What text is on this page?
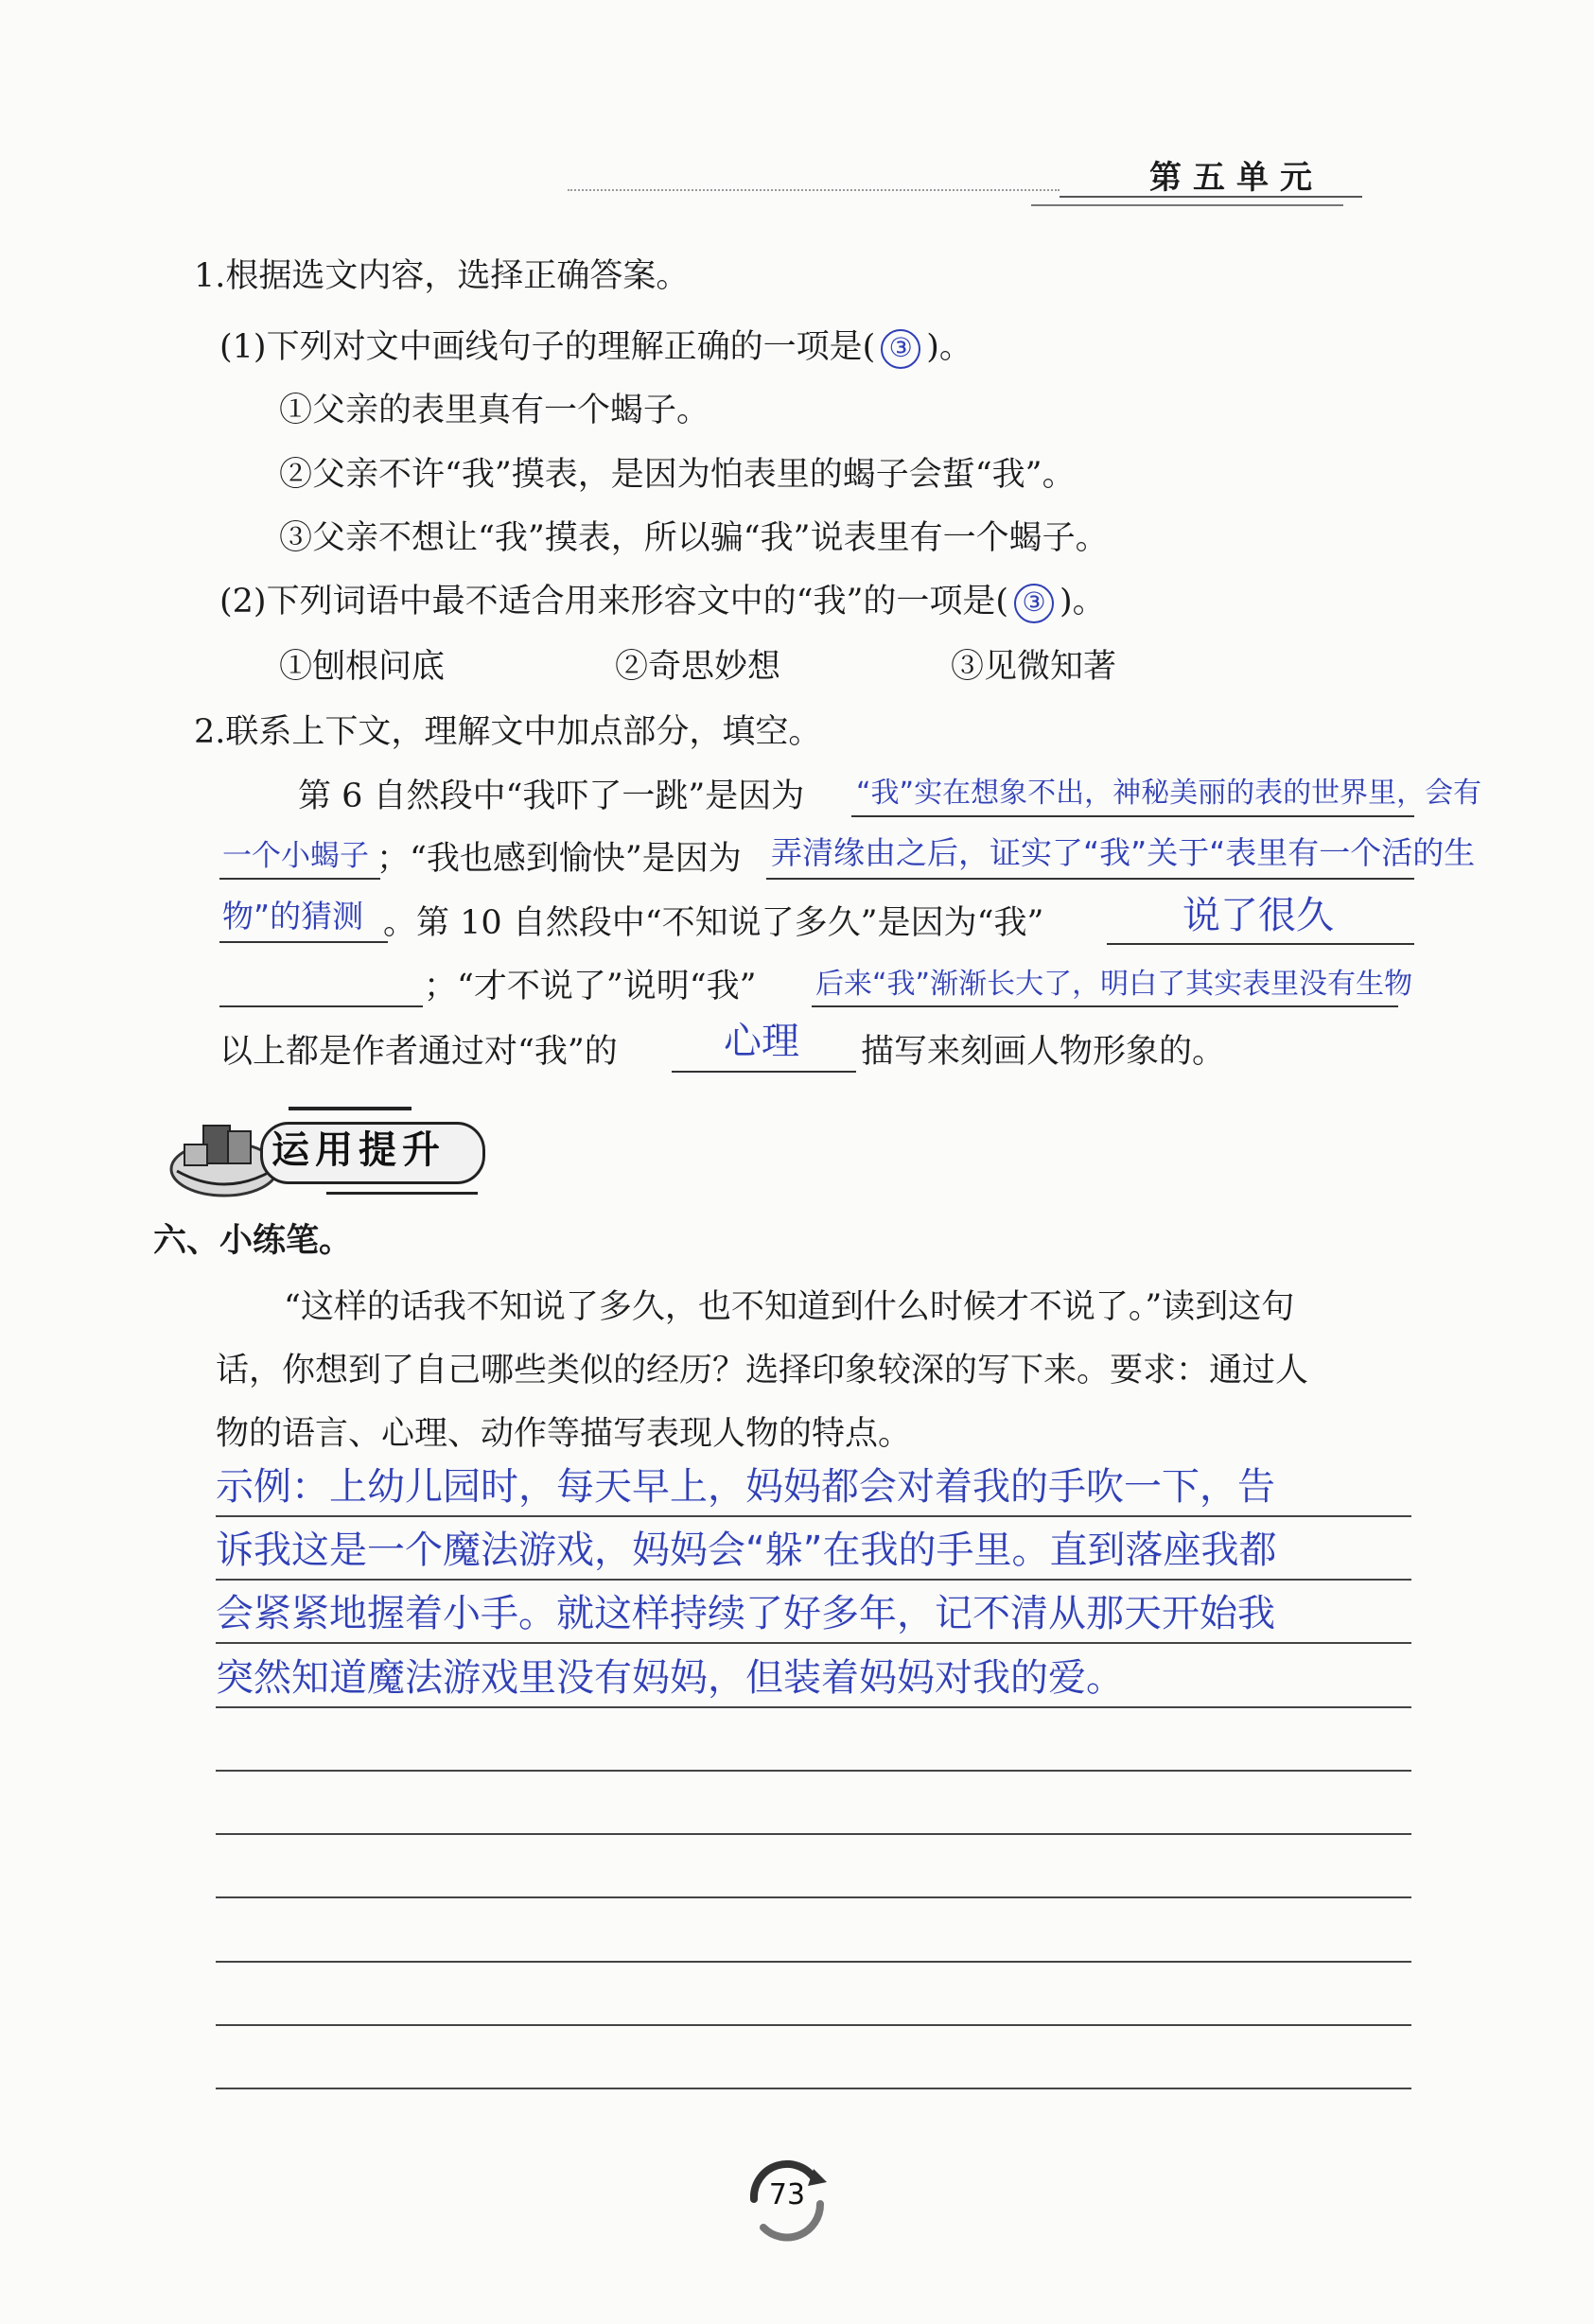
第五单元
1.根据选文内容，选择正确答案。
(1)下列对文中画线句子的理解正确的一项是( ③ )。
①父亲的表里真有一个蝎子。
②父亲不许“我”摸表，是因为怕表里的蝎子会蜇“我”。
③父亲不想让“我”摸表，所以骗“我”说表里有一个蝎子。
(2)下列词语中最不适合用来形容文中的“我”的一项是( ③ )。
①刨根问底	②奇思妙想	③见微知著
2.联系上下文，理解文中加点部分，填空。
第 6 自然段中“我吓了一跳”是因为 “我”实在想象不出，神秘美丽的表的世界里，会有
一个小蝎子 ；“我也感到愉快”是因为 弄清缘由之后，证实了“我”关于“表里有一个活的生
物”的猜测 。第 10 自然段中“不知说了多久”是因为“我”	说了很久
；“才不说了”说明“我” 后来“我”渐渐长大了，明白了其实表里没有生物
以上都是作者通过对“我”的	心理 描写来刻画人物形象的。
运用提升
六、小练笔。
“这样的话我不知说了多久，也不知道到什么时候才不说了。”读到这句
话，你想到了自己哪些类似的经历？选择印象较深的写下来。要求：通过人
物的语言、心理、动作等描写表现人物的特点。
示例：上幼儿园时，每天早上，妈妈都会对着我的手吹一下，告
诉我这是一个魔法游戏，妈妈会“躲”在我的手里。直到落座我都
会紧紧地握着小手。就这样持续了好多年，记不清从那天开始我
突然知道魔法游戏里没有妈妈，但装着妈妈对我的爱。
73
